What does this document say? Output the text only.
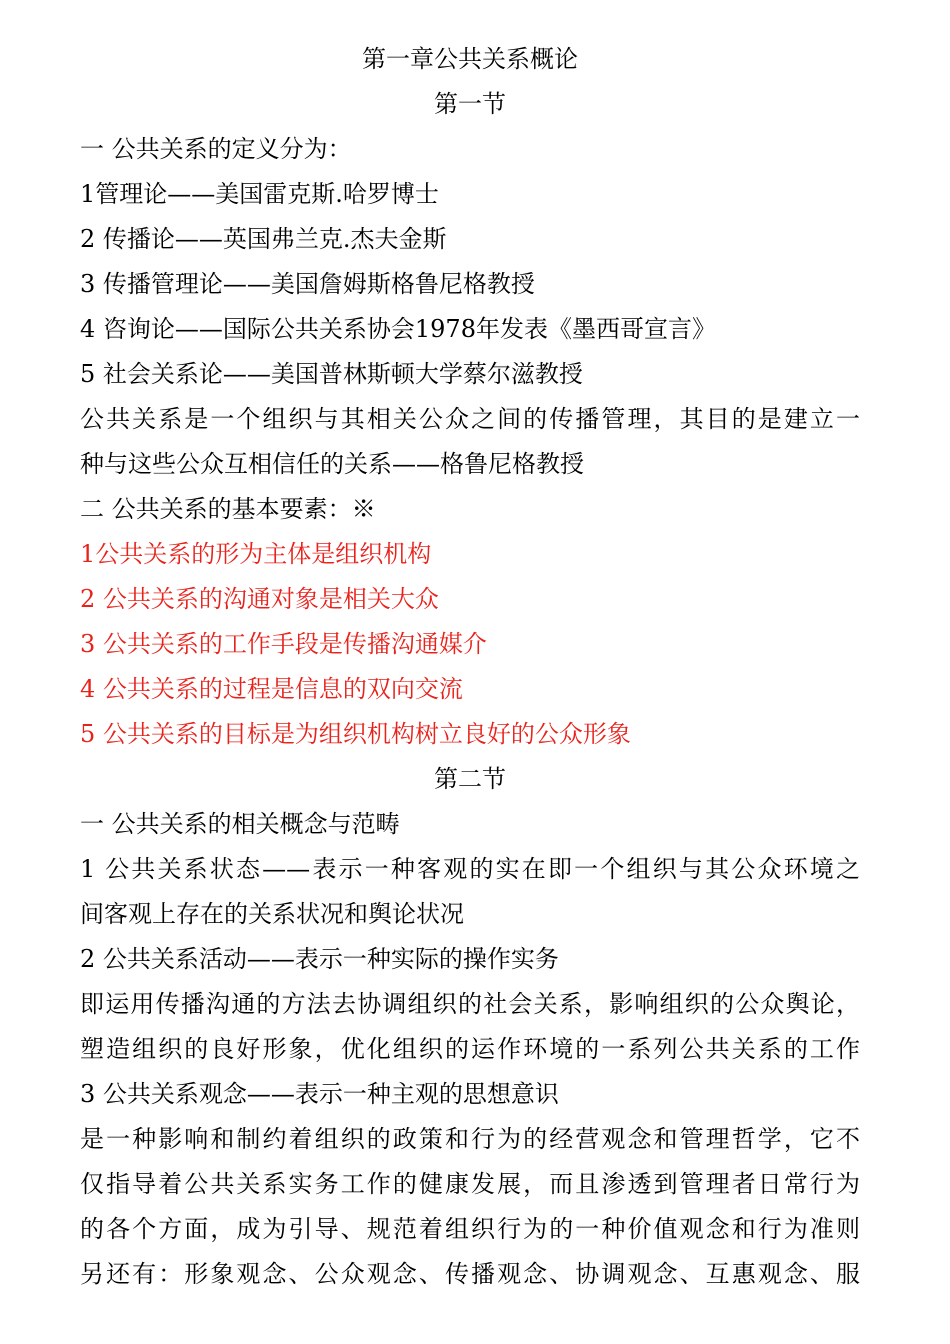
第一章公共关系概论
第一节
一 公共关系的定义分为：
1管理论——美国雷克斯.哈罗博士
2 传播论——英国弗兰克.杰夫金斯
3 传播管理论——美国詹姆斯格鲁尼格教授
4 咨询论——国际公共关系协会1978年发表《墨西哥宣言》
5 社会关系论——美国普林斯顿大学蔡尔滋教授
公共关系是一个组织与其相关公众之间的传播管理，其目的是建立一
种与这些公众互相信任的关系——格鲁尼格教授
二 公共关系的基本要素：※
1公共关系的形为主体是组织机构
2 公共关系的沟通对象是相关大众
3 公共关系的工作手段是传播沟通媒介
4 公共关系的过程是信息的双向交流
5 公共关系的目标是为组织机构树立良好的公众形象
第二节
一 公共关系的相关概念与范畴
1 公共关系状态——表示一种客观的实在即一个组织与其公众环境之
间客观上存在的关系状况和舆论状况
2 公共关系活动——表示一种实际的操作实务
即运用传播沟通的方法去协调组织的社会关系，影响组织的公众舆论，
塑造组织的良好形象，优化组织的运作环境的一系列公共关系的工作
3 公共关系观念——表示一种主观的思想意识
是一种影响和制约着组织的政策和行为的经营观念和管理哲学，它不
仅指导着公共关系实务工作的健康发展，而且渗透到管理者日常行为
的各个方面，成为引导、规范着组织行为的一种价值观念和行为准则
另还有：形象观念、公众观念、传播观念、协调观念、互惠观念、服
